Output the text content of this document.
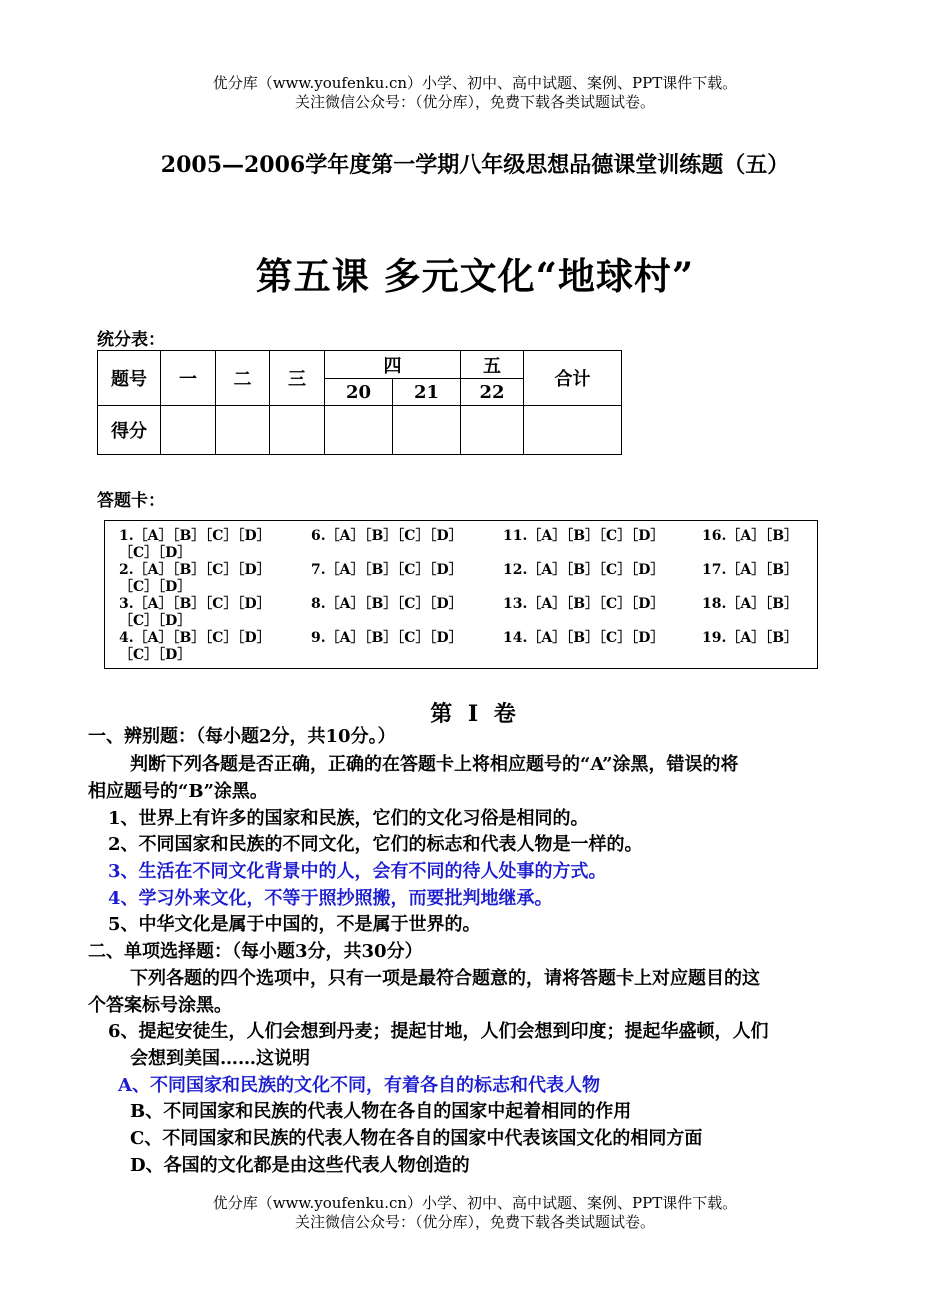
优分库（www.youfenku.cn）小学、初中、高中试题、案例、PPT课件下载。
关注微信公众号：（优分库），免费下载各类试题试卷。
2005—2006学年度第一学期八年级思想品德课堂训练题（五）
第五课 多元文化“地球村”
统分表：
题号	一	二	三	四		五	合计
				20	21	22	
得分							
答题卡：
1.［A］［B］［C］［D］	6.［A］［B］［C］［D］	11.［A］［B］［C］［D］	16.［A］［B］
［C］［D］
2.［A］［B］［C］［D］	7.［A］［B］［C］［D］	12.［A］［B］［C］［D］	17.［A］［B］
［C］［D］
3.［A］［B］［C］［D］	8.［A］［B］［C］［D］	13.［A］［B］［C］［D］	18.［A］［B］
［C］［D］
4.［A］［B］［C］［D］	9.［A］［B］［C］［D］	14.［A］［B］［C］［D］	19.［A］［B］
［C］［D］
第 Ⅰ 卷
一、辨别题：（每小题2分，共10分。）
判断下列各题是否正确，正确的在答题卡上将相应题号的“A”涂黑，错误的将
相应题号的“B”涂黑。
1、世界上有许多的国家和民族，它们的文化习俗是相同的。
2、不同国家和民族的不同文化，它们的标志和代表人物是一样的。
3、生活在不同文化背景中的人，会有不同的待人处事的方式。
4、学习外来文化，不等于照抄照搬，而要批判地继承。
5、中华文化是属于中国的，不是属于世界的。
二、单项选择题：（每小题3分，共30分）
下列各题的四个选项中，只有一项是最符合题意的，请将答题卡上对应题目的这
个答案标号涂黑。
6、提起安徒生，人们会想到丹麦；提起甘地，人们会想到印度；提起华盛顿，人们
会想到美国……这说明
A、不同国家和民族的文化不同，有着各自的标志和代表人物
B、不同国家和民族的代表人物在各自的国家中起着相同的作用
C、不同国家和民族的代表人物在各自的国家中代表该国文化的相同方面
D、各国的文化都是由这些代表人物创造的
优分库（www.youfenku.cn）小学、初中、高中试题、案例、PPT课件下载。
关注微信公众号：（优分库），免费下载各类试题试卷。
